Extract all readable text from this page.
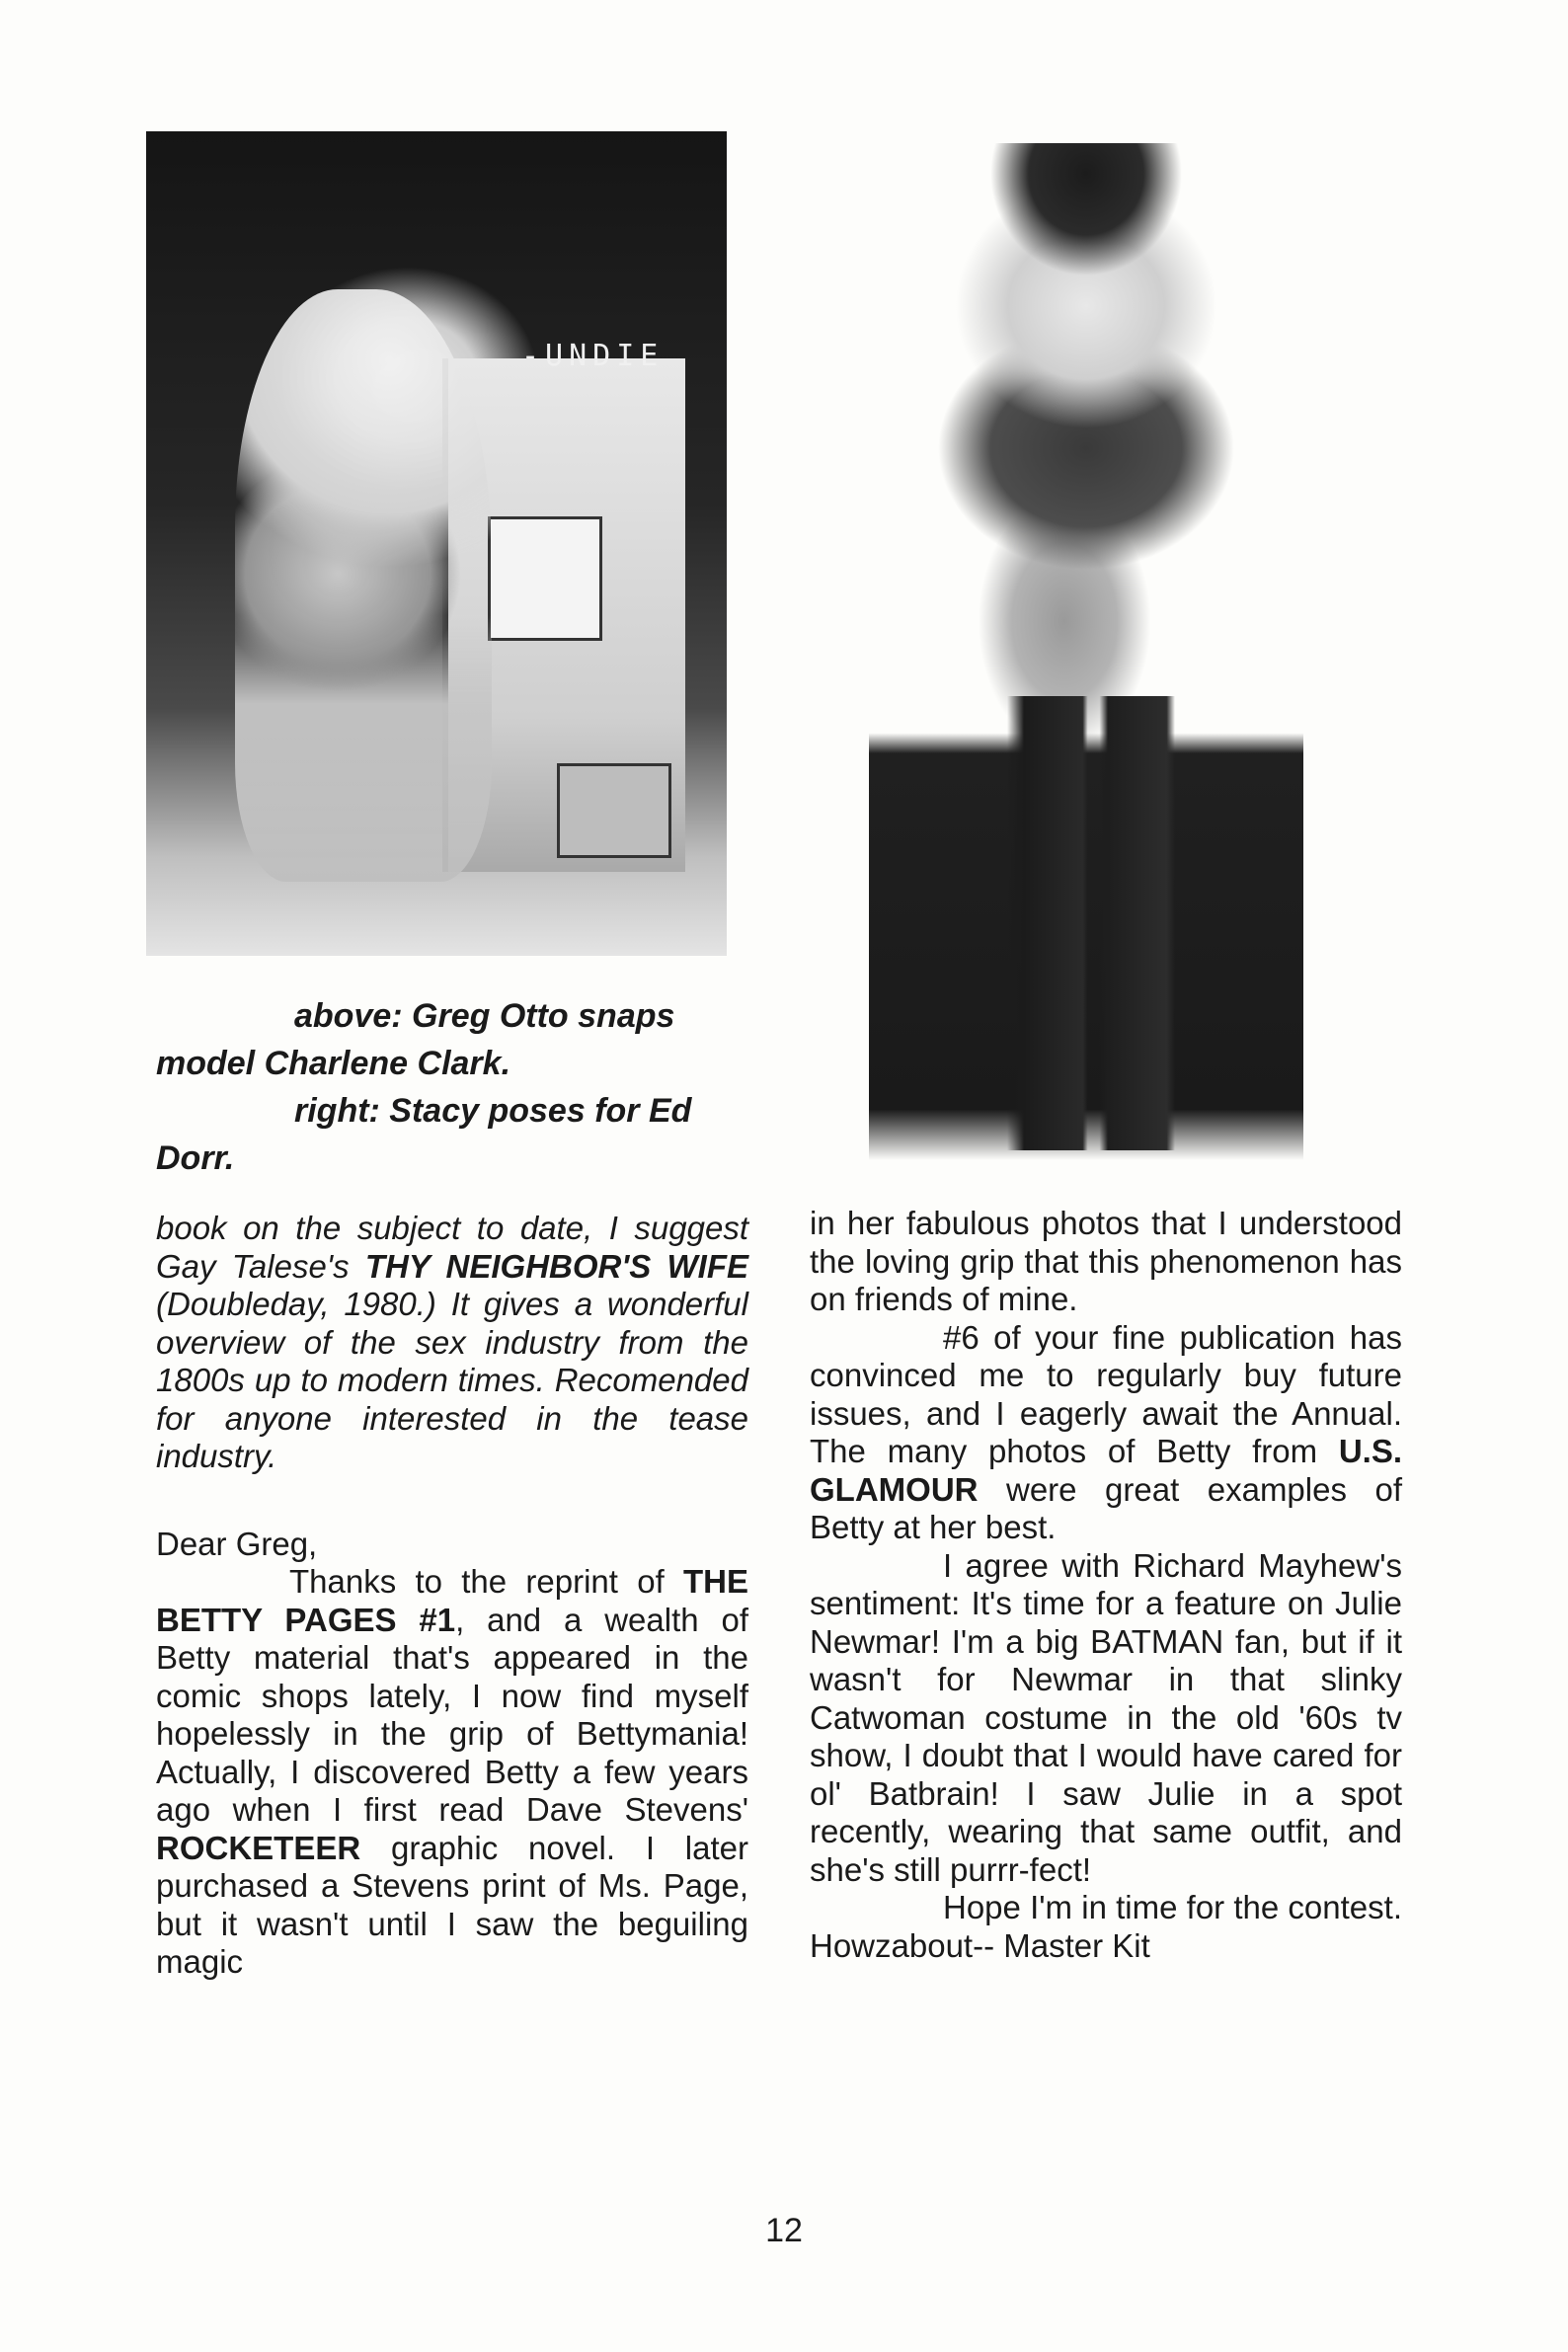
-UNDIE
above: Greg Otto snaps
model Charlene Clark.
right: Stacy poses for Ed
Dorr.

book on the subject to date, I suggest Gay Talese's THY NEIGHBOR'S WIFE (Doubleday, 1980.) It gives a wonderful overview of the sex industry from the 1800s up to modern times. Recomended for anyone interested in the tease industry.

Dear Greg,

Thanks to the reprint of THE BETTY PAGES #1, and a wealth of Betty material that's appeared in the comic shops lately, I now find myself hopelessly in the grip of Bettymania! Actually, I discovered Betty a few years ago when I first read Dave Stevens' ROCKETEER graphic novel. I later purchased a Stevens print of Ms. Page, but it wasn't until I saw the beguiling magic

in her fabulous photos that I understood the loving grip that this phenomenon has on friends of mine.

#6 of your fine publication has convinced me to regularly buy future issues, and I eagerly await the Annual. The many photos of Betty from U.S. GLAMOUR were great examples of Betty at her best.

I agree with Richard Mayhew's sentiment: It's time for a feature on Julie Newmar! I'm a big BATMAN fan, but if it wasn't for Newmar in that slinky Catwoman costume in the old '60s tv show, I doubt that I would have cared for ol' Batbrain! I saw Julie in a spot recently, wearing that same outfit, and she's still purrr-fect!

Hope I'm in time for the contest. Howzabout-- Master Kit

12
